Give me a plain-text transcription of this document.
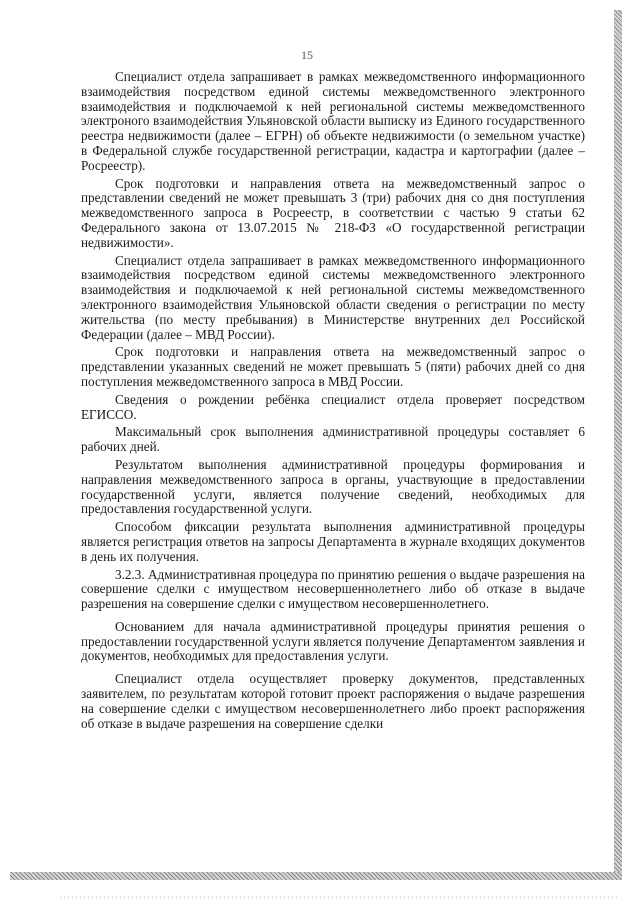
15

Специалист отдела запрашивает в рамках межведомственного информационного взаимодействия посредством единой системы межведомственного электронного взаимодействия и подключаемой к ней региональной системы межведомственного электроного взаимодействия Ульяновской области выписку из Единого государственного реестра недвижимости (далее – ЕГРН) об объекте недвижимости (о земельном участке) в Федеральной службе государственной регистрации, кадастра и картографии (далее – Росреестр).

Срок подготовки и направления ответа на межведомственный запрос о представлении сведений не может превышать 3 (три) рабочих дня со дня поступления межведомственного запроса в Росреестр, в соответствии с частью 9 статьи 62 Федерального закона от 13.07.2015 № 218-ФЗ «О государственной регистрации недвижимости».

Специалист отдела запрашивает в рамках межведомственного информационного взаимодействия посредством единой системы межведомственного электронного взаимодействия и подключаемой к ней региональной системы межведомственного электронного взаимодействия Ульяновской области сведения о регистрации по месту жительства (по месту пребывания) в Министерстве внутренних дел Российской Федерации (далее – МВД России).

Срок подготовки и направления ответа на межведомственный запрос о представлении указанных сведений не может превышать 5 (пяти) рабочих дней со дня поступления межведомственного запроса в МВД России.

Сведения о рождении ребёнка специалист отдела проверяет посредством ЕГИССО.

Максимальный срок выполнения административной процедуры составляет 6 рабочих дней.

Результатом выполнения административной процедуры формирования и направления межведомственного запроса в органы, участвующие в предоставлении государственной услуги, является получение сведений, необходимых для предоставления государственной услуги.

Способом фиксации результата выполнения административной процедуры является регистрация ответов на запросы Департамента в журнале входящих документов в день их получения.

3.2.3. Административная процедура по принятию решения о выдаче разрешения на совершение сделки с имуществом несовершеннолетнего либо об отказе в выдаче разрешения на совершение сделки с имуществом несовершеннолетнего.

Основанием для начала административной процедуры принятия решения о предоставлении государственной услуги является получение Департаментом заявления и документов, необходимых для предоставления услуги.

Специалист отдела осуществляет проверку документов, представленных заявителем, по результатам которой готовит проект распоряжения о выдаче разрешения на совершение сделки с имуществом несовершеннолетнего либо проект распоряжения об отказе в выдаче разрешения на совершение сделки
